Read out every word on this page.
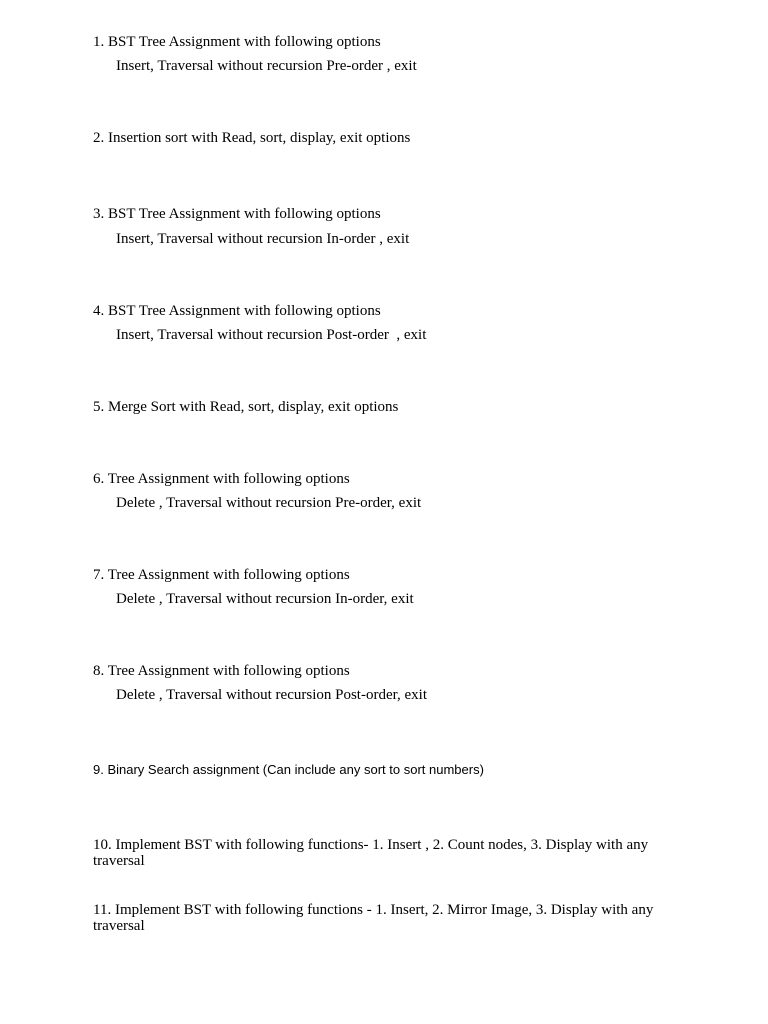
1. BST Tree Assignment with following options
Insert, Traversal without recursion Pre-order , exit
2. Insertion sort with Read, sort, display, exit options
3. BST Tree Assignment with following options
Insert, Traversal without recursion In-order , exit
4. BST Tree Assignment with following options
Insert, Traversal without recursion Post-order  , exit
5. Merge Sort with Read, sort, display, exit options
6. Tree Assignment with following options
Delete , Traversal without recursion Pre-order, exit
7. Tree Assignment with following options
Delete , Traversal without recursion In-order, exit
8. Tree Assignment with following options
Delete , Traversal without recursion Post-order, exit
9. Binary Search assignment (Can include any sort to sort numbers)
10. Implement BST with following functions- 1. Insert , 2. Count nodes, 3. Display with any traversal
11. Implement BST with following functions - 1. Insert, 2. Mirror Image, 3. Display with any traversal
